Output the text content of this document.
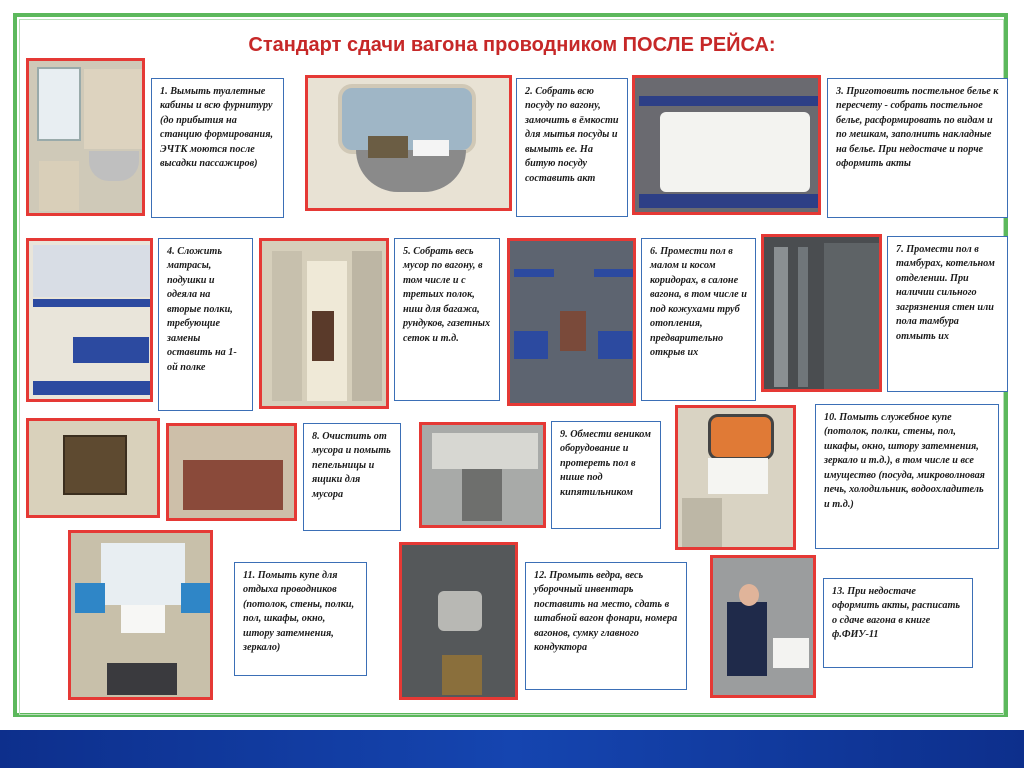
Стандарт сдачи вагона проводником ПОСЛЕ РЕЙСА:
1. Вымыть туалетные кабины и всю фурнитуру (до прибытия на станцию формирования, ЭЧТК моются после высадки пассажиров)
2. Собрать всю посуду по вагону, замочить в ёмкости для мытья посуды и вымыть ее. На битую посуду составить акт
3. Приготовить постельное белье к пересчету - собрать постельное белье, расформировать по видам и по мешкам, заполнить накладные на белье. При недостаче и порче оформить акты
4. Сложить матрасы, подушки и одеяла на вторые полки, требующие замены оставить на 1-ой полке
5. Собрать весь мусор по вагону, в том числе и с третьих полок, ниш для багажа, рундуков, газетных сеток и т.д.
6. Промести пол в малом и косом коридорах, в салоне вагона, в том числе и под кожухами труб отопления, предварительно открыв их
7. Промести пол в тамбурах, котельном отделении. При наличии сильного загрязнения стен или пола тамбура отмыть их
8. Очистить от мусора и помыть пепельницы и ящики для мусора
9. Обмести веником оборудование и протереть пол в нише под кипятильником
10. Помыть служебное купе (потолок, полки, стены, пол, шкафы, окно, штору затемнения, зеркало и т.д.), в том числе и все имущество (посуда, микроволновая печь, холодильник, водоохладитель и т.д.)
11. Помыть купе для отдыха проводников (потолок, стены, полки, пол, шкафы, окно, штору затемнения, зеркало)
12. Промыть ведра, весь уборочный инвентарь поставить на место, сдать в штабной вагон фонари, номера вагонов, сумку главного кондуктора
13. При недостаче оформить акты, расписать о сдаче вагона в книге ф.ФИУ-11
